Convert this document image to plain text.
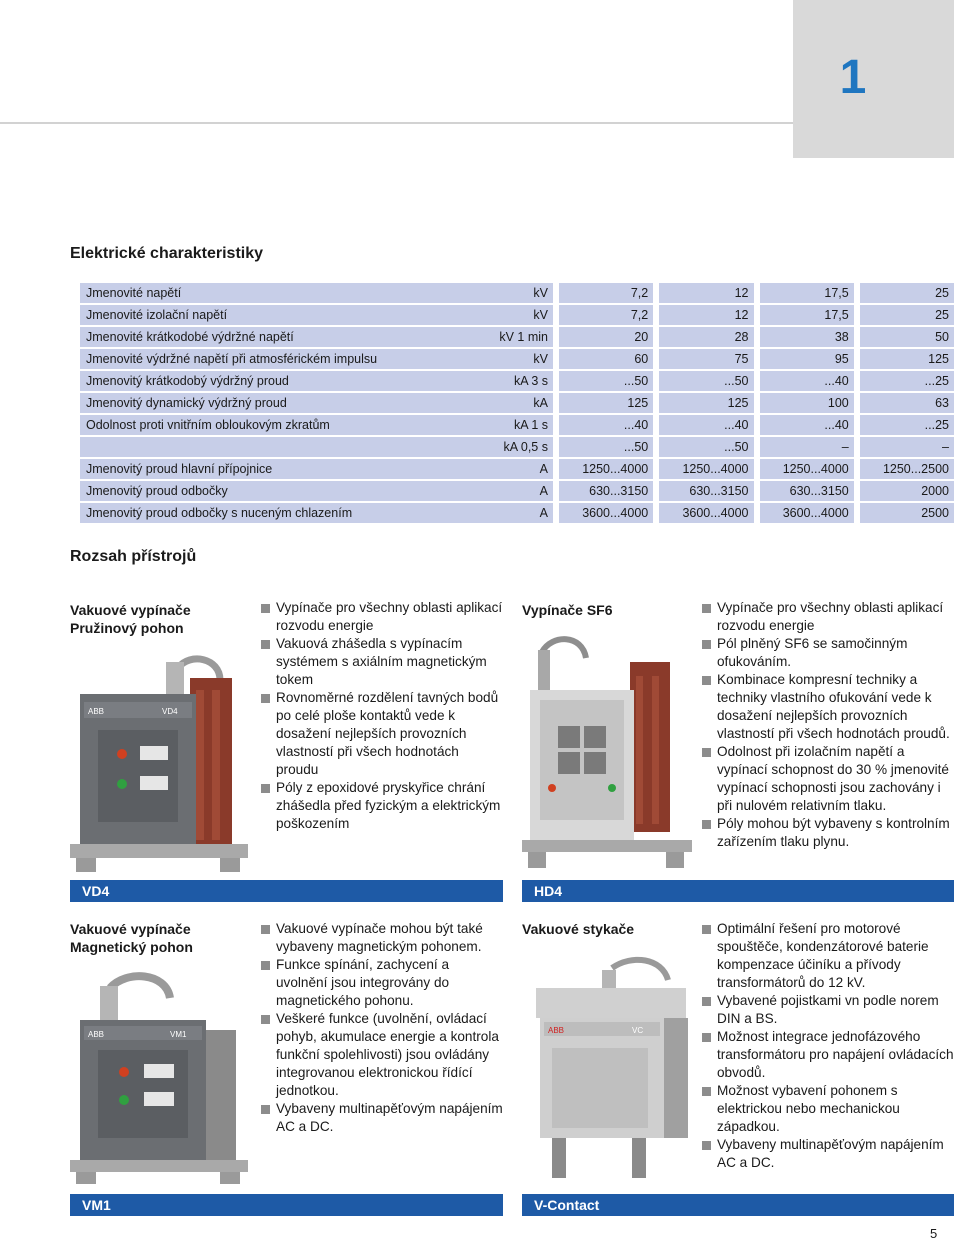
1
Elektrické charakteristiky
Jmenovité napětí	kV		7,2		12		17,5		25
Jmenovité izolační napětí	kV		7,2		12		17,5		25
Jmenovité krátkodobé výdržné napětí	kV 1 min		20		28		38		50
Jmenovité výdržné napětí při atmosférickém impulsu	kV		60		75		95		125
Jmenovitý krátkodobý výdržný proud	kA 3 s		...50		...50		...40		...25
Jmenovitý dynamický výdržný proud	kA		125		125		100		63
Odolnost proti vnitřním obloukovým zkratům	kA 1 s		...40		...40		...40		...25
	kA 0,5 s		...50		...50		–		–
Jmenovitý proud hlavní přípojnice	A		1250...4000		1250...4000		1250...4000		1250...2500
Jmenovitý proud odbočky	A		630...3150		630...3150		630...3150		2000
Jmenovitý proud odbočky s nuceným chlazením	A		3600...4000		3600...4000		3600...4000		2500
Rozsah přístrojů
Vakuové vypínače
Pružinový pohon
ABB	VD4
Vypínače pro všechny oblasti aplikací rozvodu energie
Vakuová zhášedla s vypínacím systémem s axiálním magnetickým tokem
Rovnoměrné rozdělení tavných bodů po celé ploše kontaktů vede k dosažení nejlepších provozních vlastností při všech hodnotách proudu
Póly z epoxidové pryskyřice chrání zhášedla před fyzickým a elektrickým poškozením
VD4
Vypínače SF6	Vypínače pro všechny oblasti aplikací rozvodu energie
Pól plněný SF6 se samočinným ofukováním.
Kombinace kompresní techniky a techniky vlastního ofukování vede k dosažení nejlepších provozních vlastností při všech hodnotách proudů.
Odolnost při izolačním napětí a vypínací schopnost do 30 % jmenovité vypínací schopnosti jsou zachovány i při nulovém relativním tlaku.
Póly mohou být vybaveny s kontrolním zařízením tlaku plynu.
HD4
Vakuové vypínače
Magnetický pohon
ABB	VM1
Vakuové vypínače mohou být také vybaveny magnetickým pohonem.
Funkce spínání, zachycení a uvolnění jsou integrovány do magnetického pohonu.
Veškeré funkce (uvolnění, ovládací pohyb, akumulace energie a kontrola funkční spolehlivosti) jsou ovládány integrovanou elektronickou řídící jednotkou.
Vybaveny multinapěťovým napájením AC a DC.
VM1
Vakuové stykače
ABB	VC
Optimální řešení pro motorové spouštěče, kondenzátorové baterie kompenzace účiníku a přívody transformátorů do 12 kV.
Vybavené pojistkami vn podle norem DIN a BS.
Možnost integrace jednofázového transformátoru pro napájení ovládacích obvodů.
Možnost vybavení pohonem s elektrickou nebo mechanickou západkou.
Vybaveny multinapěťovým napájením AC a DC.
V-Contact
5
